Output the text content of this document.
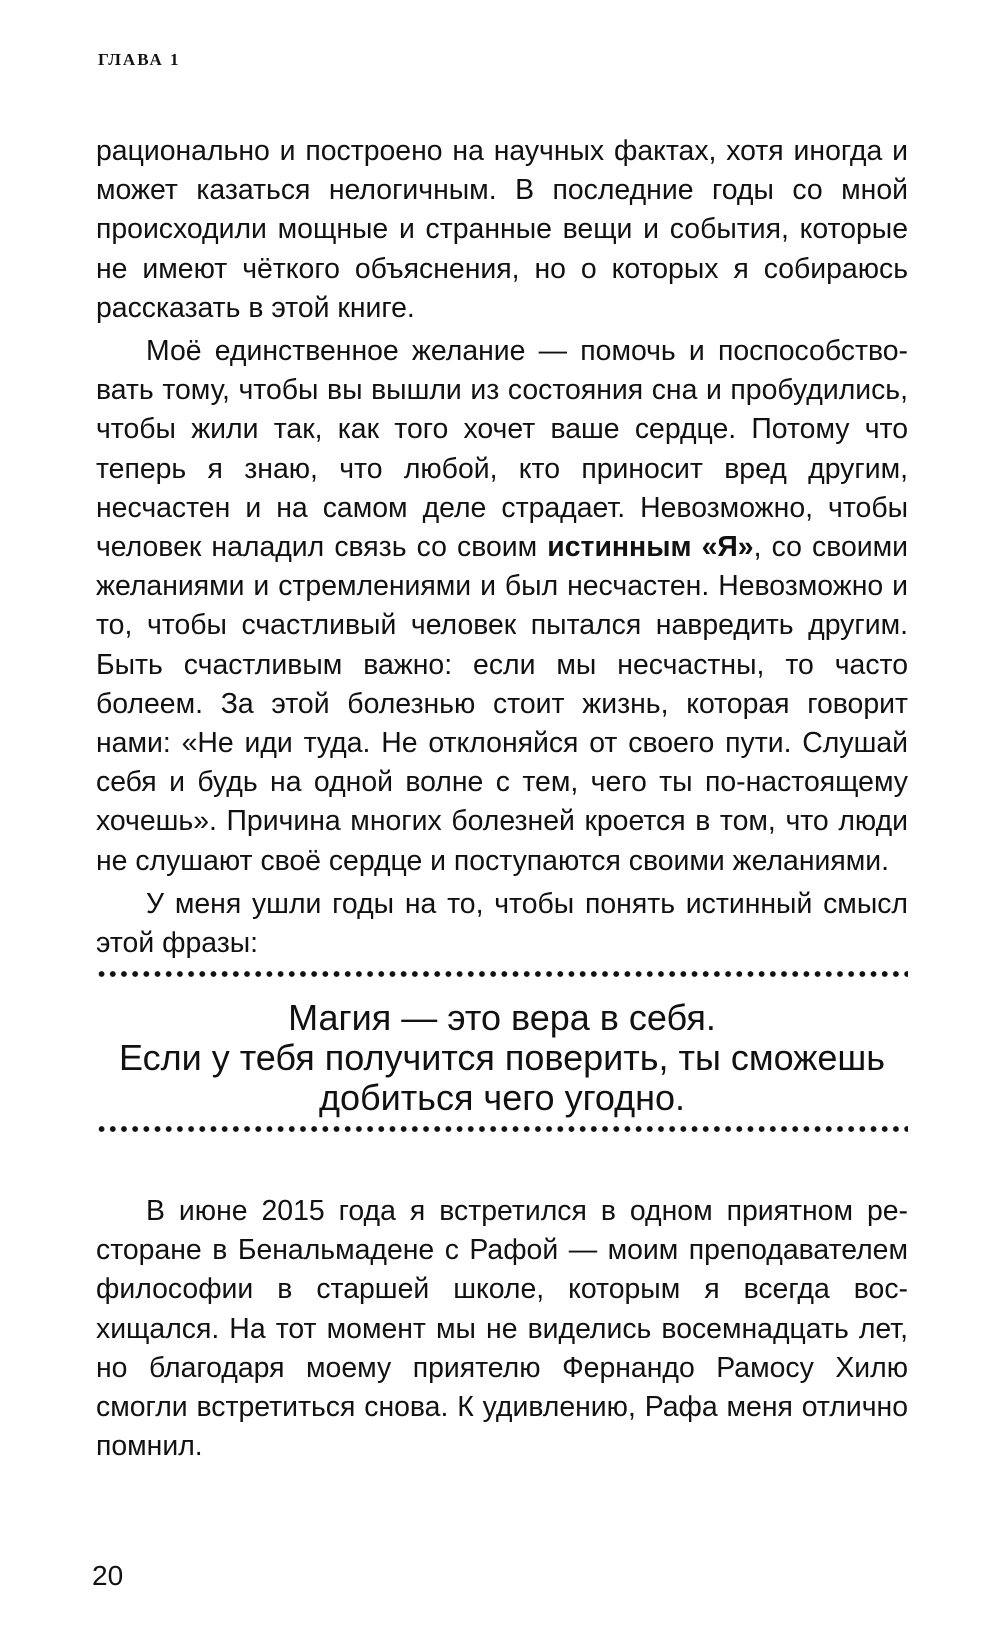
ГЛАВА 1

рационально и построено на научных фактах, хотя иногда и может казаться нелогичным. В последние годы со мной происходили мощные и странные вещи и события, которые не имеют чёткого объяснения, но о которых я собираюсь рассказать в этой книге.

Моё единственное желание — помочь и поспособствовать тому, чтобы вы вышли из состояния сна и пробудились, чтобы жили так, как того хочет ваше сердце. Потому что теперь я знаю, что любой, кто приносит вред другим, несчастен и на самом деле страдает. Невозможно, чтобы человек наладил связь со своим истинным «Я», со своими желаниями и стремлениями и был несчастен. Невозможно и то, чтобы счастливый человек пытался навредить другим. Быть счастливым важно: если мы несчастны, то часто болеем. За этой болезнью стоит жизнь, которая говорит нами: «Не иди туда. Не отклоняйся от своего пути. Слушай себя и будь на одной волне с тем, чего ты по-настоящему хочешь». Причина многих болезней кроется в том, что люди не слушают своё сердце и поступаются своими желаниями.

У меня ушли годы на то, чтобы понять истинный смысл этой фразы:

Магия — это вера в себя.
Если у тебя получится поверить, ты сможешь
добиться чего угодно.

В июне 2015 года я встретился в одном приятном ресторане в Бенальмадене с Рафой — моим преподавателем философии в старшей школе, которым я всегда восхищался. На тот момент мы не виделись восемнадцать лет, но благодаря моему приятелю Фернандо Рамосу Хилю смогли встретиться снова. К удивлению, Рафа меня отлично помнил.

20
